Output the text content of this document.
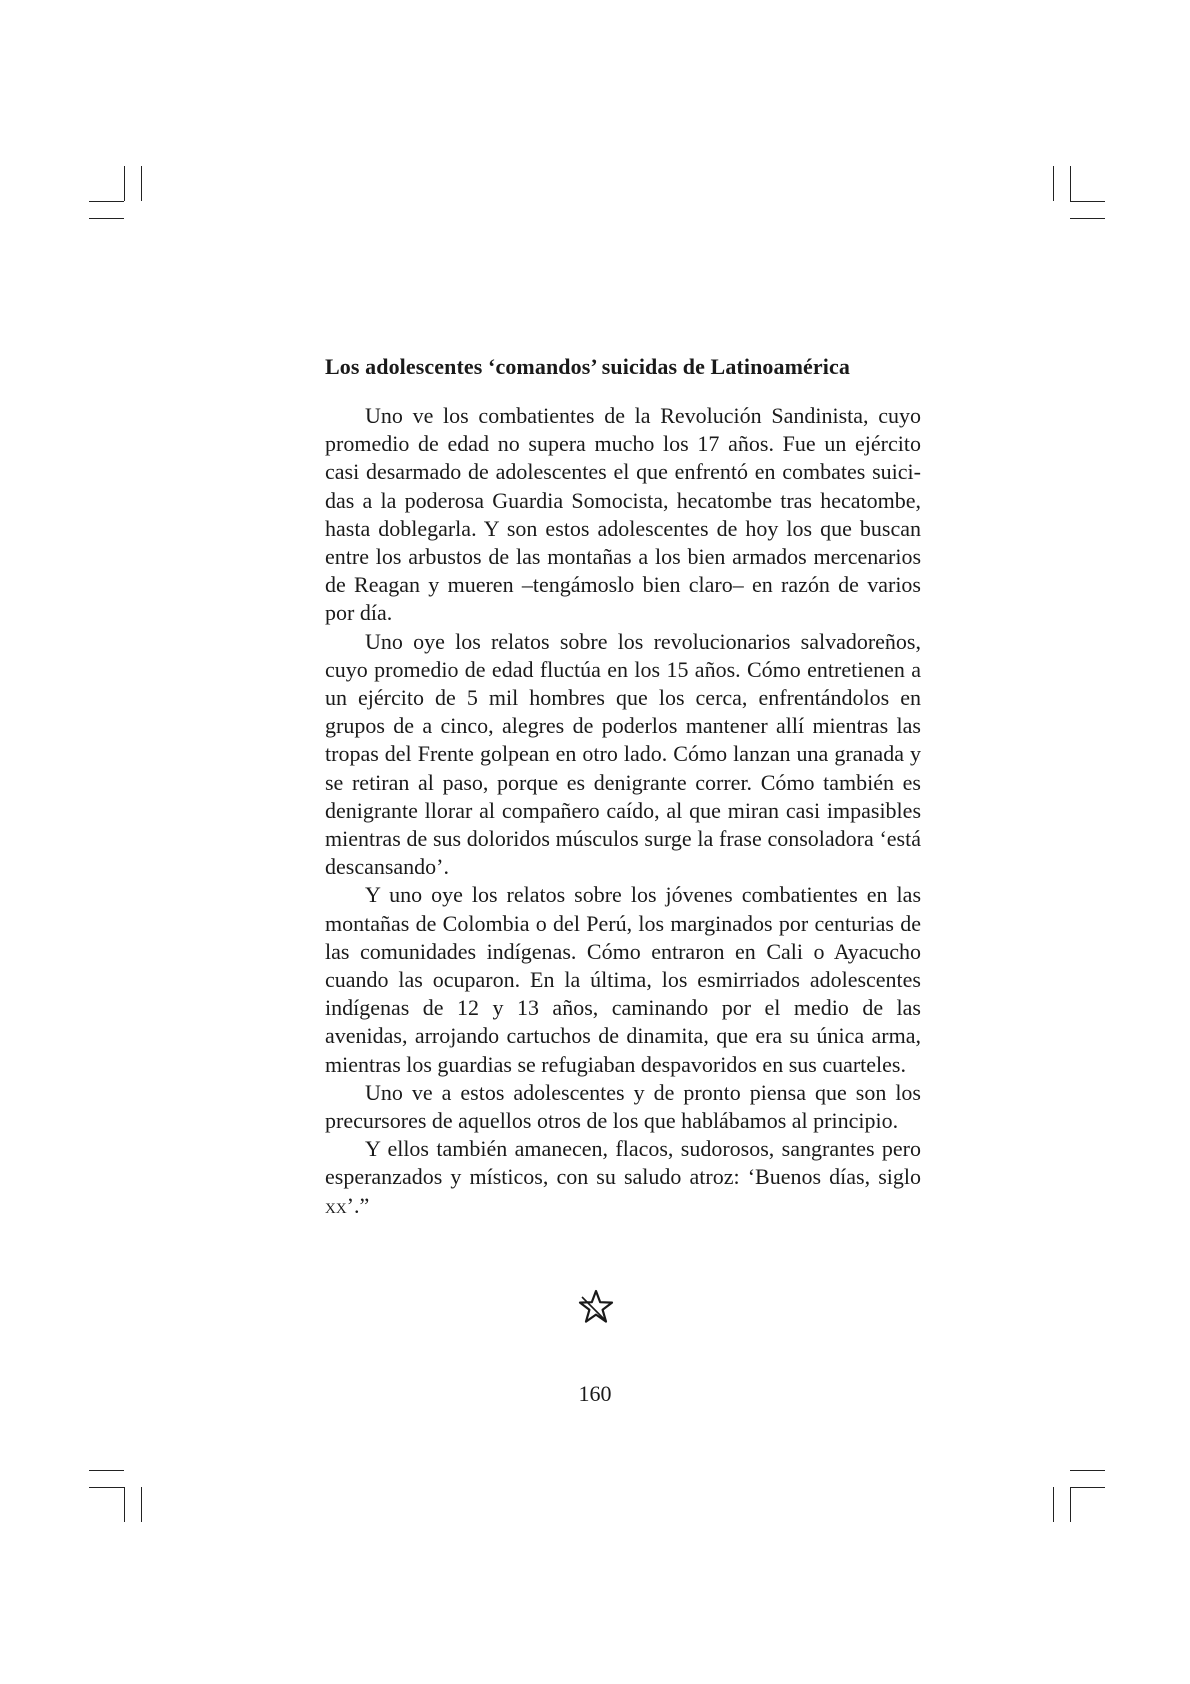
Los adolescentes ‘comandos’ suicidas de Latinoamérica

Uno ve los combatientes de la Revolución Sandinista, cuyo promedio de edad no supera mucho los 17 años. Fue un ejército casi desarmado de adolescentes el que enfrentó en combates suicidas a la poderosa Guardia Somocista, hecatombe tras hecatombe, hasta doblegarla. Y son estos adolescentes de hoy los que buscan entre los arbustos de las montañas a los bien armados mercenarios de Reagan y mueren –tengámoslo bien claro– en razón de varios por día.

Uno oye los relatos sobre los revolucionarios salvadoreños, cuyo promedio de edad fluctúa en los 15 años. Cómo entretienen a un ejército de 5 mil hombres que los cerca, enfrentándolos en grupos de a cinco, alegres de poderlos mantener allí mientras las tropas del Frente golpean en otro lado. Cómo lanzan una granada y se retiran al paso, porque es denigrante correr. Cómo también es denigrante llorar al compañero caído, al que miran casi impasibles mientras de sus doloridos músculos surge la frase consoladora ‘está descansando’.

Y uno oye los relatos sobre los jóvenes combatientes en las montañas de Colombia o del Perú, los marginados por centurias de las comunidades indígenas. Cómo entraron en Cali o Ayacucho cuando las ocuparon. En la última, los esmirriados adolescentes indígenas de 12 y 13 años, caminando por el medio de las avenidas, arrojando cartuchos de dinamita, que era su única arma, mientras los guardias se refugiaban despavoridos en sus cuarteles.

Uno ve a estos adolescentes y de pronto piensa que son los precursores de aquellos otros de los que hablábamos al principio.

Y ellos también amanecen, flacos, sudorosos, sangrantes pero esperanzados y místicos, con su saludo atroz: ‘Buenos días, siglo xx’.”

160
